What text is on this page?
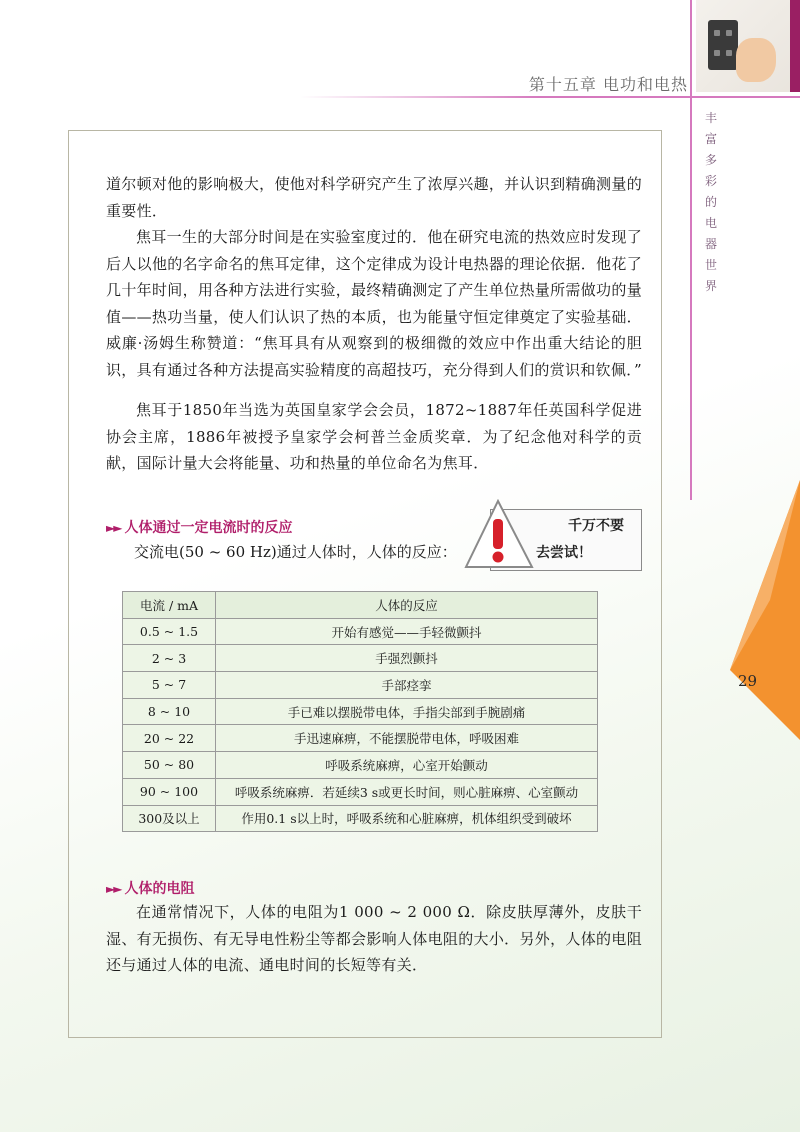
第十五章 电功和电热
丰富多彩的电器世界
29
道尔顿对他的影响极大，使他对科学研究产生了浓厚兴趣，并认识到精确测量的重要性．
焦耳一生的大部分时间是在实验室度过的．他在研究电流的热效应时发现了后人以他的名字命名的焦耳定律，这个定律成为设计电热器的理论依据．他花了几十年时间，用各种方法进行实验，最终精确测定了产生单位热量所需做功的量值——热功当量，使人们认识了热的本质，也为能量守恒定律奠定了实验基础．威廉·汤姆生称赞道：“焦耳具有从观察到的极细微的效应中作出重大结论的胆识，具有通过各种方法提高实验精度的高超技巧，充分得到人们的赏识和钦佩．”
焦耳于1850年当选为英国皇家学会会员，1872~1887年任英国科学促进协会主席，1886年被授予皇家学会柯普兰金质奖章．为了纪念他对科学的贡献，国际计量大会将能量、功和热量的单位命名为焦耳．
►► 人体通过一定电流时的反应
交流电(50 ~ 60 Hz)通过人体时，人体的反应：
千万不要
去尝试！
电流 / mA	人体的反应
0.5 ~ 1.5	开始有感觉——手轻微颤抖
2 ~ 3	手强烈颤抖
5 ~ 7	手部痉挛
8 ~ 10	手已难以摆脱带电体，手指尖部到手腕剧痛
20 ~ 22	手迅速麻痹，不能摆脱带电体，呼吸困难
50 ~ 80	呼吸系统麻痹，心室开始颤动
90 ~ 100	呼吸系统麻痹．若延续3 s或更长时间，则心脏麻痹、心室颤动
300及以上	作用0.1 s以上时，呼吸系统和心脏麻痹，机体组织受到破坏
►► 人体的电阻
在通常情况下，人体的电阻为1 000 ~ 2 000 Ω．除皮肤厚薄外，皮肤干湿、有无损伤、有无导电性粉尘等都会影响人体电阻的大小．另外，人体的电阻还与通过人体的电流、通电时间的长短等有关．
